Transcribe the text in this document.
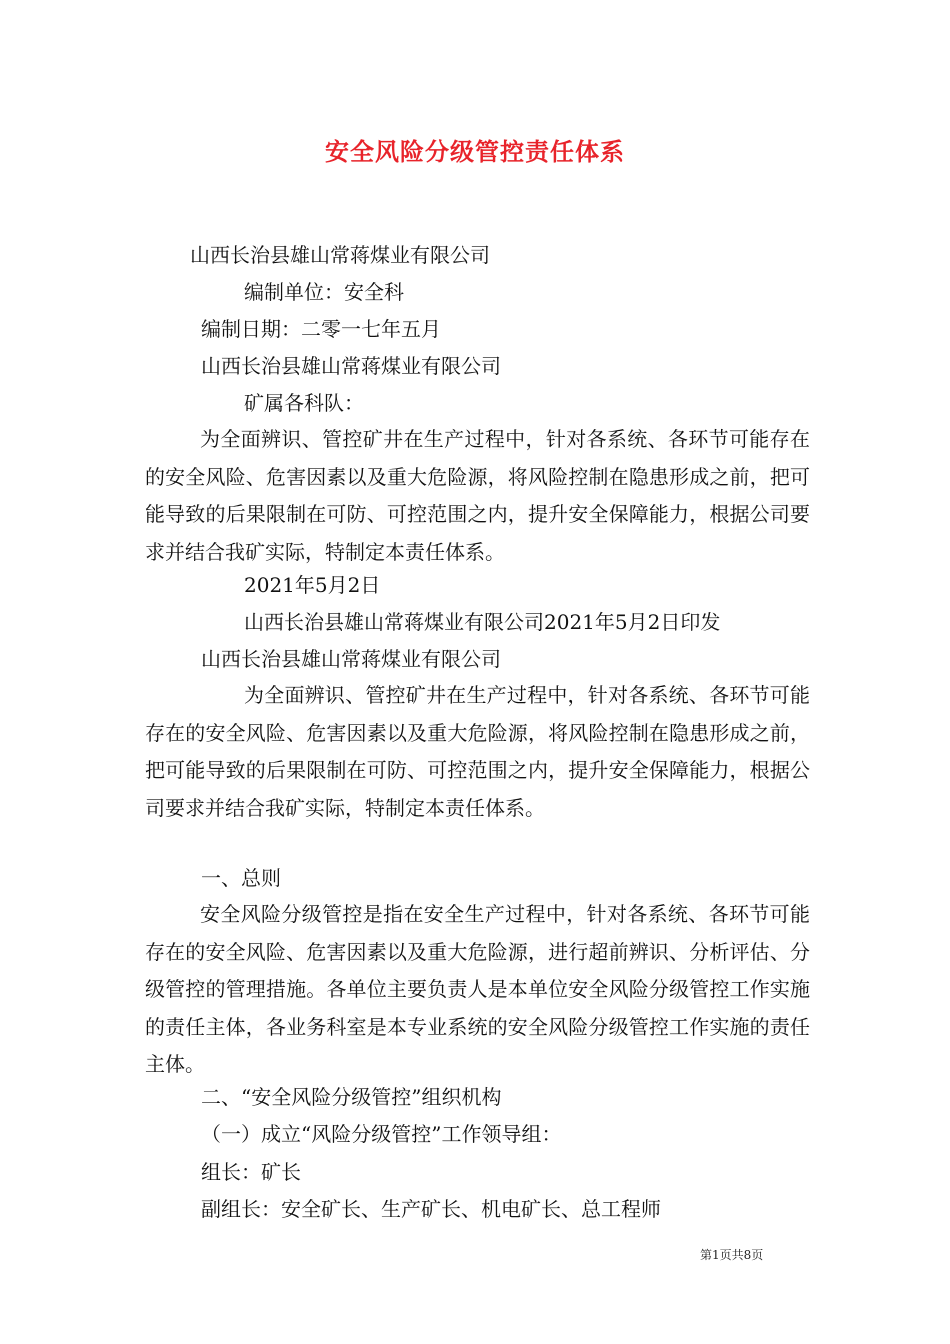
安全风险分级管控责任体系
山西长治县雄山常蒋煤业有限公司
编制单位：安全科
编制日期：二零一七年五月
山西长治县雄山常蒋煤业有限公司
矿属各科队：
为全面辨识、管控矿井在生产过程中，针对各系统、各环节可能存在的安全风险、危害因素以及重大危险源，将风险控制在隐患形成之前，把可能导致的后果限制在可防、可控范围之内，提升安全保障能力，根据公司要求并结合我矿实际，特制定本责任体系。
2021年5月2日
山西长治县雄山常蒋煤业有限公司2021年5月2日印发
山西长治县雄山常蒋煤业有限公司
为全面辨识、管控矿井在生产过程中，针对各系统、各环节可能存在的安全风险、危害因素以及重大危险源，将风险控制在隐患形成之前，把可能导致的后果限制在可防、可控范围之内，提升安全保障能力，根据公司要求并结合我矿实际，特制定本责任体系。
一、总则
安全风险分级管控是指在安全生产过程中，针对各系统、各环节可能存在的安全风险、危害因素以及重大危险源，进行超前辨识、分析评估、分级管控的管理措施。各单位主要负责人是本单位安全风险分级管控工作实施的责任主体，各业务科室是本专业系统的安全风险分级管控工作实施的责任主体。
二、“安全风险分级管控”组织机构
（一）成立“风险分级管控”工作领导组：
组长：矿长
副组长：安全矿长、生产矿长、机电矿长、总工程师
第1页共8页
